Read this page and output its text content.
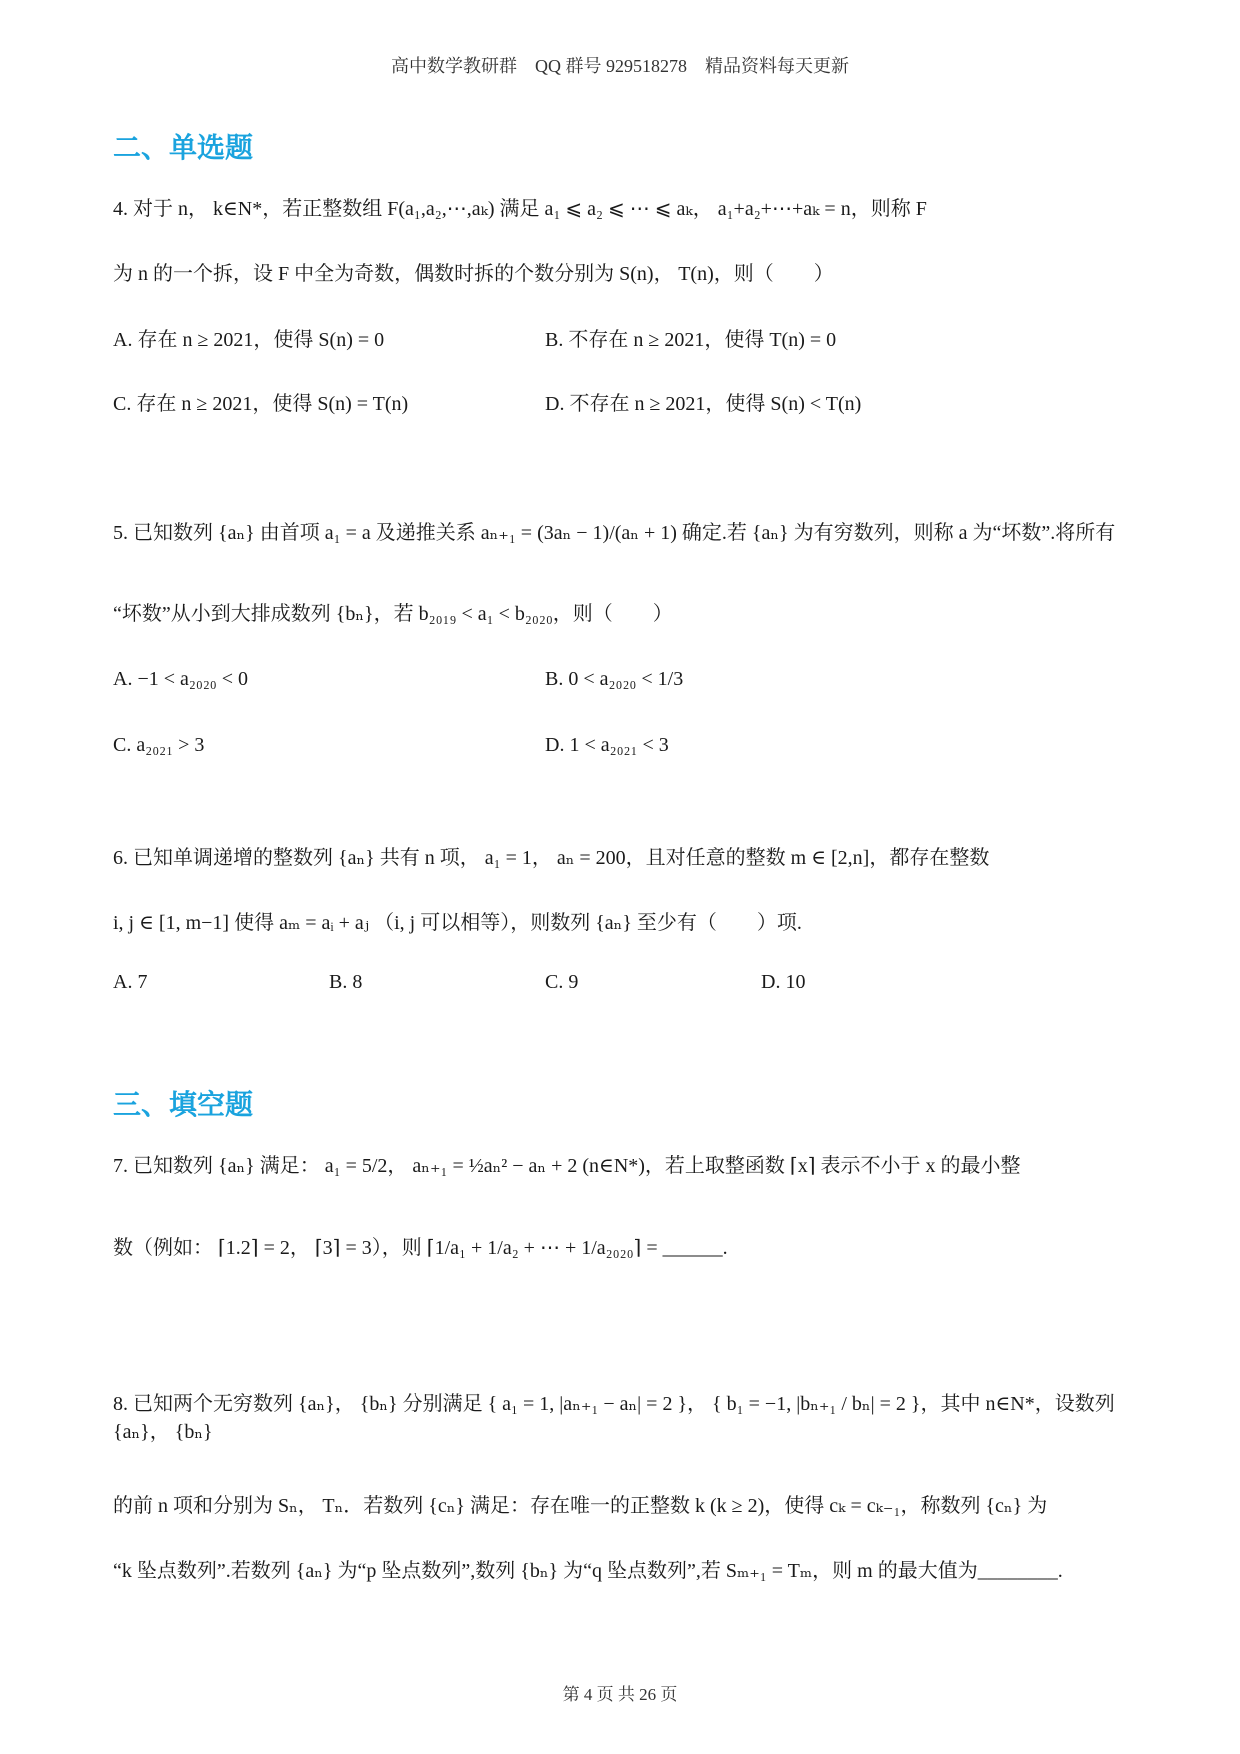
高中数学教研群　QQ 群号 929518278　精品资料每天更新
二、单选题
4. 对于 n， k∈N*，若正整数组 F(a₁,a₂,⋯,aₖ) 满足 a₁ ⩽ a₂ ⩽ ⋯ ⩽ aₖ， a₁+a₂+⋯+aₖ = n，则称 F
为 n 的一个拆，设 F 中全为奇数，偶数时拆的个数分别为 S(n)， T(n)，则（　　）
A. 存在 n ≥ 2021，使得 S(n) = 0	B. 不存在 n ≥ 2021，使得 T(n) = 0
C. 存在 n ≥ 2021，使得 S(n) = T(n)	D. 不存在 n ≥ 2021，使得 S(n) < T(n)
5. 已知数列 {aₙ} 由首项 a₁ = a 及递推关系 aₙ₊₁ = (3aₙ − 1)/(aₙ + 1) 确定.若 {aₙ} 为有穷数列，则称 a 为“坏数”.将所有
“坏数”从小到大排成数列 {bₙ}，若 b₂₀₁₉ < a₁ < b₂₀₂₀，则（　　）
A. −1 < a₂₀₂₀ < 0	B. 0 < a₂₀₂₀ < 1/3
C. a₂₀₂₁ > 3	D. 1 < a₂₀₂₁ < 3
6. 已知单调递增的整数列 {aₙ} 共有 n 项， a₁ = 1， aₙ = 200，且对任意的整数 m ∈ [2,n]，都存在整数
i, j ∈ [1, m−1] 使得 aₘ = aᵢ + aⱼ （i, j 可以相等），则数列 {aₙ} 至少有（　　）项.
A. 7	B. 8	C. 9	D. 10
三、填空题
7. 已知数列 {aₙ} 满足： a₁ = 5/2， aₙ₊₁ = ½aₙ² − aₙ + 2 (n∈N*)，若上取整函数 ⌈x⌉ 表示不小于 x 的最小整
数（例如： ⌈1.2⌉ = 2， ⌈3⌉ = 3），则 ⌈1/a₁ + 1/a₂ + ⋯ + 1/a₂₀₂₀⌉ = ______.
8. 已知两个无穷数列 {aₙ}， {bₙ} 分别满足 { a₁ = 1, |aₙ₊₁ − aₙ| = 2 }， { b₁ = −1, |bₙ₊₁ / bₙ| = 2 }，其中 n∈N*，设数列 {aₙ}， {bₙ}
的前 n 项和分别为 Sₙ， Tₙ．若数列 {cₙ} 满足：存在唯一的正整数 k (k ≥ 2)，使得 cₖ = cₖ₋₁，称数列 {cₙ} 为
“k 坠点数列”.若数列 {aₙ} 为“p 坠点数列”,数列 {bₙ} 为“q 坠点数列”,若 Sₘ₊₁ = Tₘ，则 m 的最大值为________.
第 4 页 共 26 页
